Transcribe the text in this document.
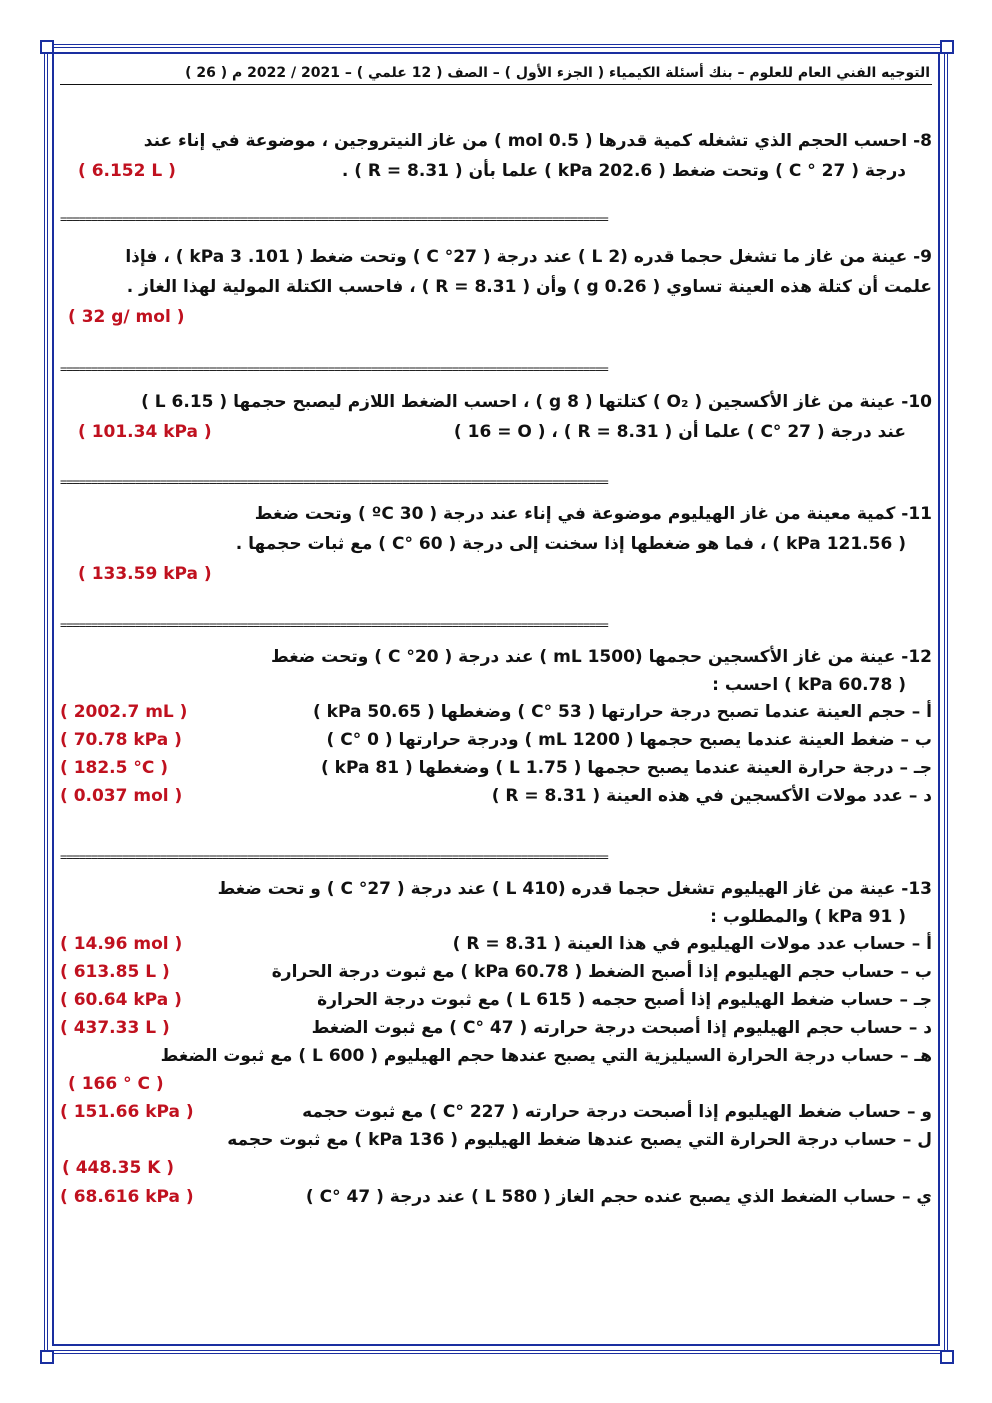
التوجيه الفني العام للعلوم – بنك أسئلة الكيمياء ( الجزء الأول ) – الصف ( 12 علمي ) – 2021 / 2022 م ( 26 )
8- احسب الحجم الذي تشغله كمية قدرها ( 0.5 mol ) من غاز النيتروجين ، موضوعة في إناء عند
درجة ( 27 ° C ) وتحت ضغط ( 202.6 kPa ) علما بأن ( R = 8.31 ) .
( 6.152 L )
========================================================================================
9- عينة من غاز ما تشغل حجما قدره (2 L ) عند درجة ( 27° C ) وتحت ضغط ( 101. 3 kPa ) ، فإذا
علمت أن كتلة هذه العينة تساوي ( 0.26 g ) وأن ( R = 8.31 ) ، فاحسب الكتلة المولية لهذا الغاز .
( 32 g/ mol )
========================================================================================
10- عينة من غاز الأكسجين ( O₂ ) كتلتها ( 8 g ) ، احسب الضغط اللازم ليصبح حجمها ( 6.15 L )
عند درجة ( 27 °C ) علما أن ( R = 8.31 ) ، ( 16 = O )
( 101.34 kPa )
========================================================================================
11- كمية معينة من غاز الهيليوم موضوعة في إناء عند درجة ( 30 ºC ) وتحت ضغط
( 121.56 kPa ) ، فما هو ضغطها إذا سخنت إلى درجة ( 60 °C ) مع ثبات حجمها .
( 133.59 kPa )
========================================================================================
12- عينة من غاز الأكسجين حجمها (1500 mL ) عند درجة ( 20° C ) وتحت ضغط
( 60.78 kPa ) احسب :
أ – حجم العينة عندما تصبح درجة حرارتها ( 53 °C ) وضغطها ( 50.65 kPa )
( 2002.7 mL )
ب – ضغط العينة عندما يصبح حجمها ( 1200 mL ) ودرجة حرارتها ( 0 °C )
( 70.78 kPa )
جـ – درجة حرارة العينة عندما يصبح حجمها ( 1.75 L ) وضغطها ( 81 kPa )
( 182.5 °C )
د – عدد مولات الأكسجين في هذه العينة ( R = 8.31 )
( 0.037 mol )
========================================================================================
13- عينة من غاز الهيليوم تشغل حجما قدره (410 L ) عند درجة ( 27° C ) و تحت ضغط
( 91 kPa ) والمطلوب :
أ – حساب عدد مولات الهيليوم في هذا العينة ( R = 8.31 )
( 14.96 mol )
ب – حساب حجم الهيليوم إذا أصبح الضغط ( 60.78 kPa ) مع ثبوت درجة الحرارة
( 613.85 L )
جـ – حساب ضغط الهيليوم إذا أصبح حجمه ( 615 L ) مع ثبوت درجة الحرارة
( 60.64 kPa )
د – حساب حجم الهيليوم إذا أصبحت درجة حرارته ( 47 °C ) مع ثبوت الضغط
( 437.33 L )
هـ – حساب درجة الحرارة السيليزية التي يصبح عندها حجم الهيليوم ( 600 L ) مع ثبوت الضغط
( 166 ° C )
و – حساب ضغط الهيليوم إذا أصبحت درجة حرارته ( 227 °C ) مع ثبوت حجمه
( 151.66 kPa )
ل – حساب درجة الحرارة التي يصبح عندها ضغط الهيليوم ( 136 kPa ) مع ثبوت حجمه
( 448.35 K )
ي – حساب الضغط الذي يصبح عنده حجم الغاز ( 580 L ) عند درجة ( 47 °C )
( 68.616 kPa )
